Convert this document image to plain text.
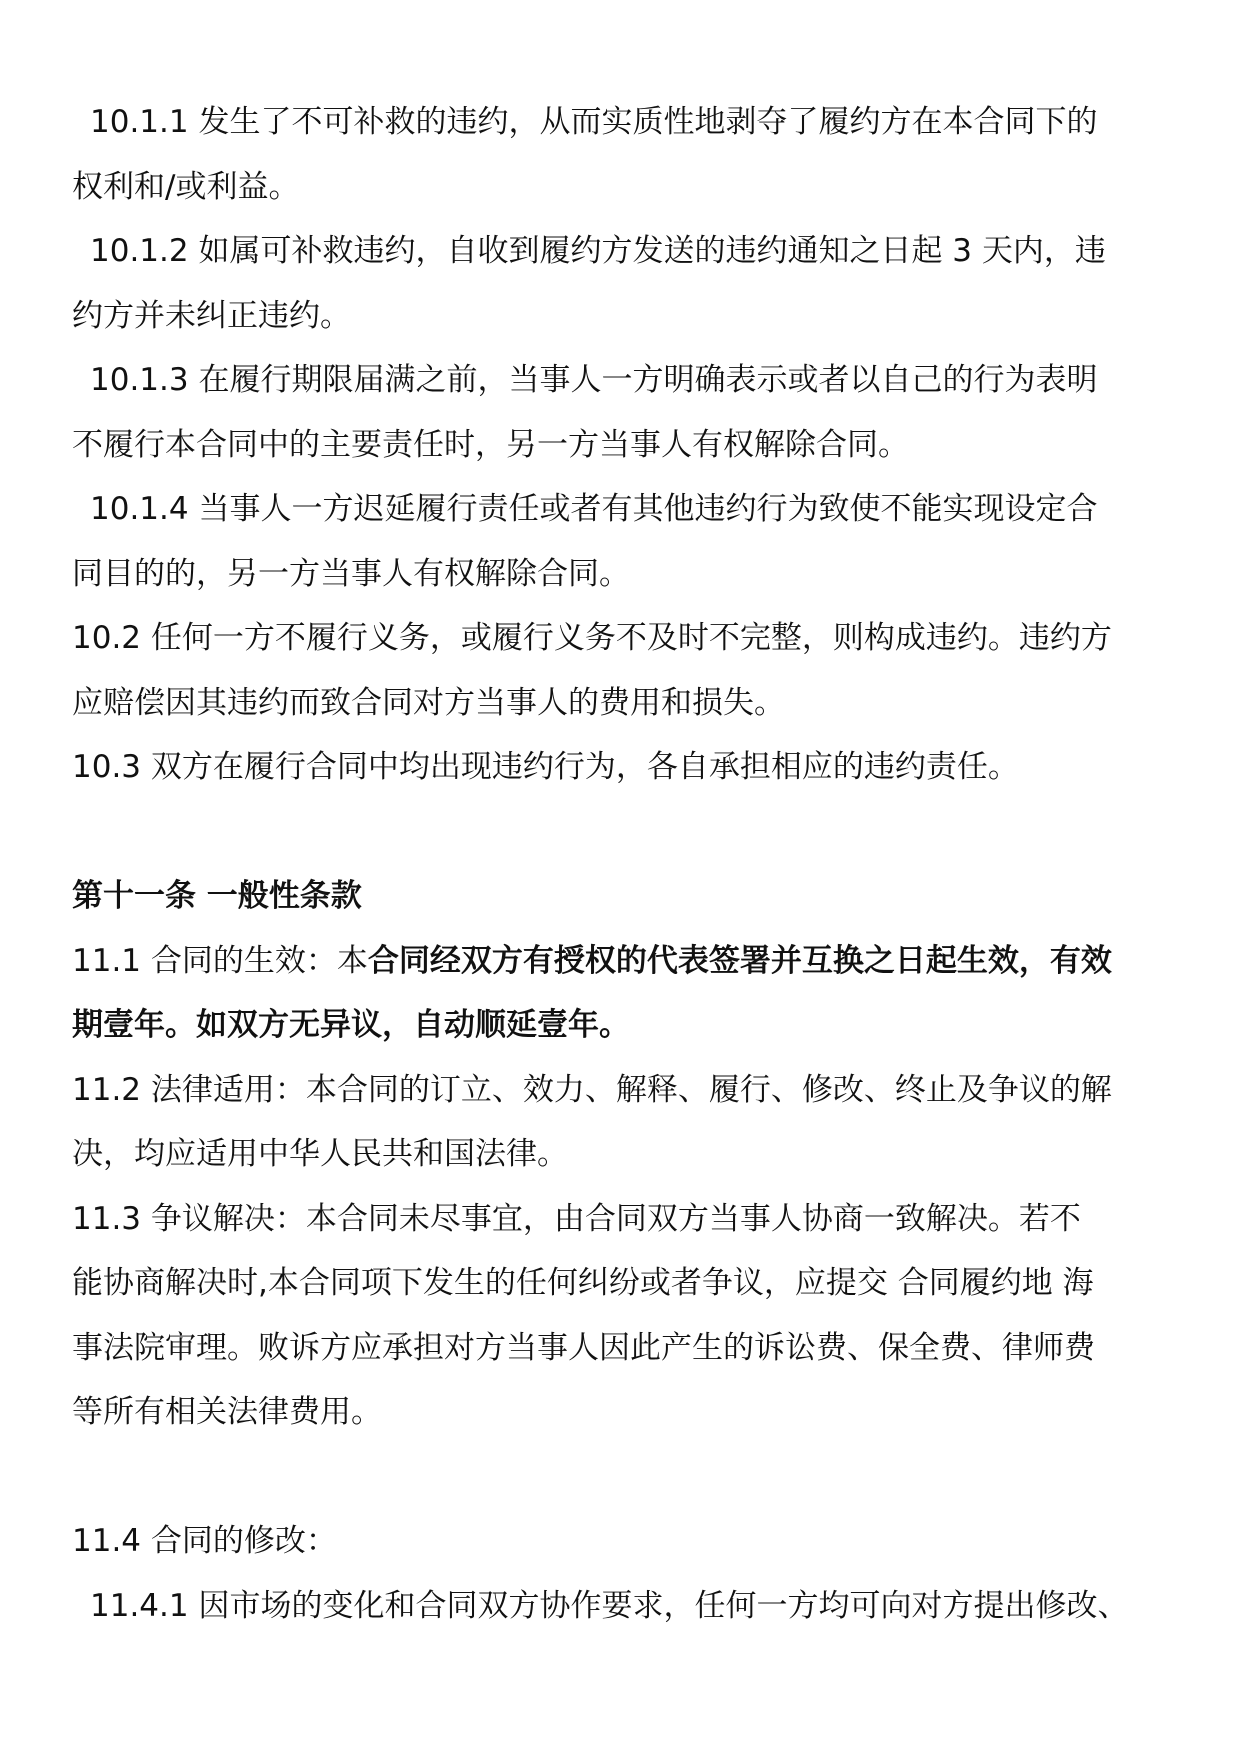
10.1.1 发生了不可补救的违约，从而实质性地剥夺了履约方在本合同下的

权利和/或利益。

10.1.2 如属可补救违约，自收到履约方发送的违约通知之日起 3 天内，违

约方并未纠正违约。

10.1.3 在履行期限届满之前，当事人一方明确表示或者以自己的行为表明

不履行本合同中的主要责任时，另一方当事人有权解除合同。

10.1.4 当事人一方迟延履行责任或者有其他违约行为致使不能实现设定合

同目的的，另一方当事人有权解除合同。

10.2 任何一方不履行义务，或履行义务不及时不完整，则构成违约。违约方

应赔偿因其违约而致合同对方当事人的费用和损失。

10.3 双方在履行合同中均出现违约行为，各自承担相应的违约责任。

第十一条 一般性条款

11.1 合同的生效：本合同经双方有授权的代表签署并互换之日起生效，有效

期壹年。如双方无异议，自动顺延壹年。

11.2 法律适用：本合同的订立、效力、解释、履行、修改、终止及争议的解

决，均应适用中华人民共和国法律。

11.3 争议解决：本合同未尽事宜，由合同双方当事人协商一致解决。若不

能协商解决时,本合同项下发生的任何纠纷或者争议，应提交 合同履约地 海

事法院审理。败诉方应承担对方当事人因此产生的诉讼费、保全费、律师费

等所有相关法律费用。

11.4 合同的修改：

11.4.1 因市场的变化和合同双方协作要求，任何一方均可向对方提出修改、
